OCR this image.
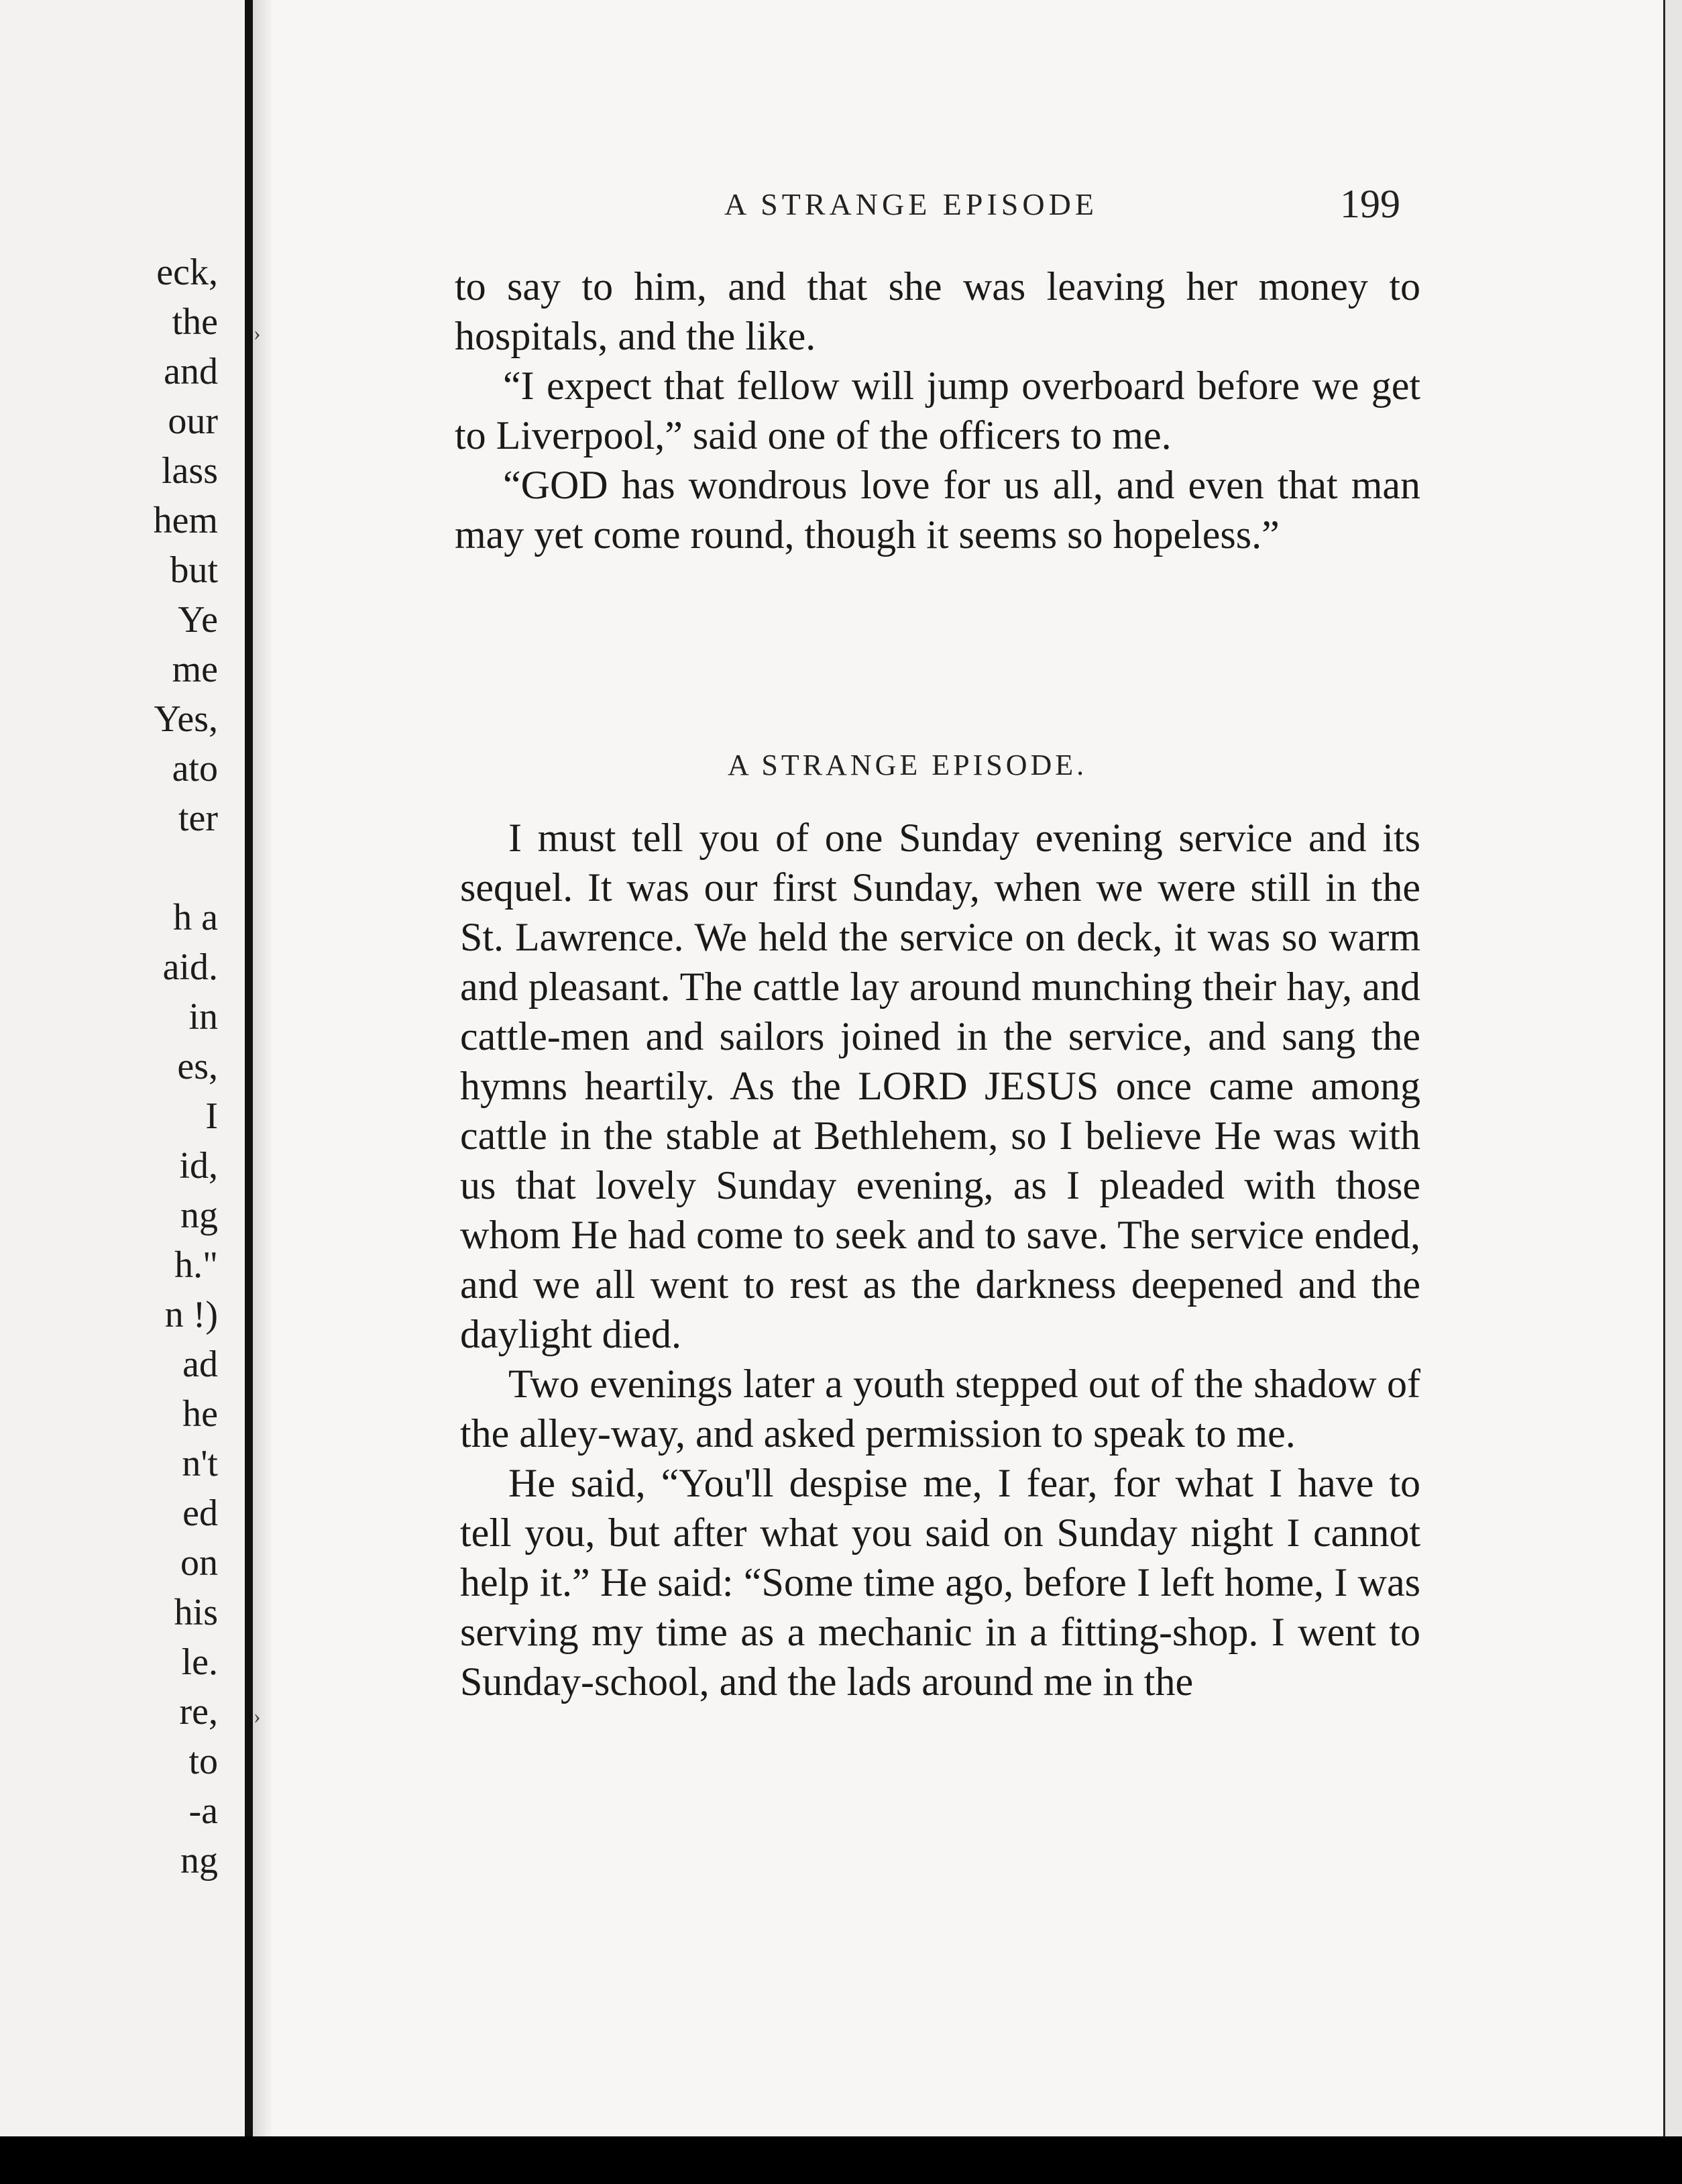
eck,
the
and
our
lass
hem
but
Ye
me
Yes,
ato
ter
h a
aid.
in
es,
I
id,
ng
h."
n !)
ad
he
n't
ed
on
his
le.
re,
to
-a
ng
›
›
A STRANGE EPISODE	199

to say to him, and that she was leaving her money to hospitals, and the like.

“I expect that fellow will jump overboard before we get to Liverpool,” said one of the officers to me.

“GOD has wondrous love for us all, and even that man may yet come round, though it seems so hopeless.”

A STRANGE EPISODE.

I must tell you of one Sunday evening service and its sequel. It was our first Sunday, when we were still in the St. Lawrence. We held the service on deck, it was so warm and pleasant. The cattle lay around munching their hay, and cattle-men and sailors joined in the service, and sang the hymns heartily. As the LORD JESUS once came among cattle in the stable at Bethlehem, so I believe He was with us that lovely Sunday evening, as I pleaded with those whom He had come to seek and to save. The service ended, and we all went to rest as the darkness deepened and the daylight died.

Two evenings later a youth stepped out of the shadow of the alley-way, and asked permission to speak to me.

He said, “You'll despise me, I fear, for what I have to tell you, but after what you said on Sunday night I cannot help it.” He said: “Some time ago, before I left home, I was serving my time as a mechanic in a fitting-shop. I went to Sunday-school, and the lads around me in the
